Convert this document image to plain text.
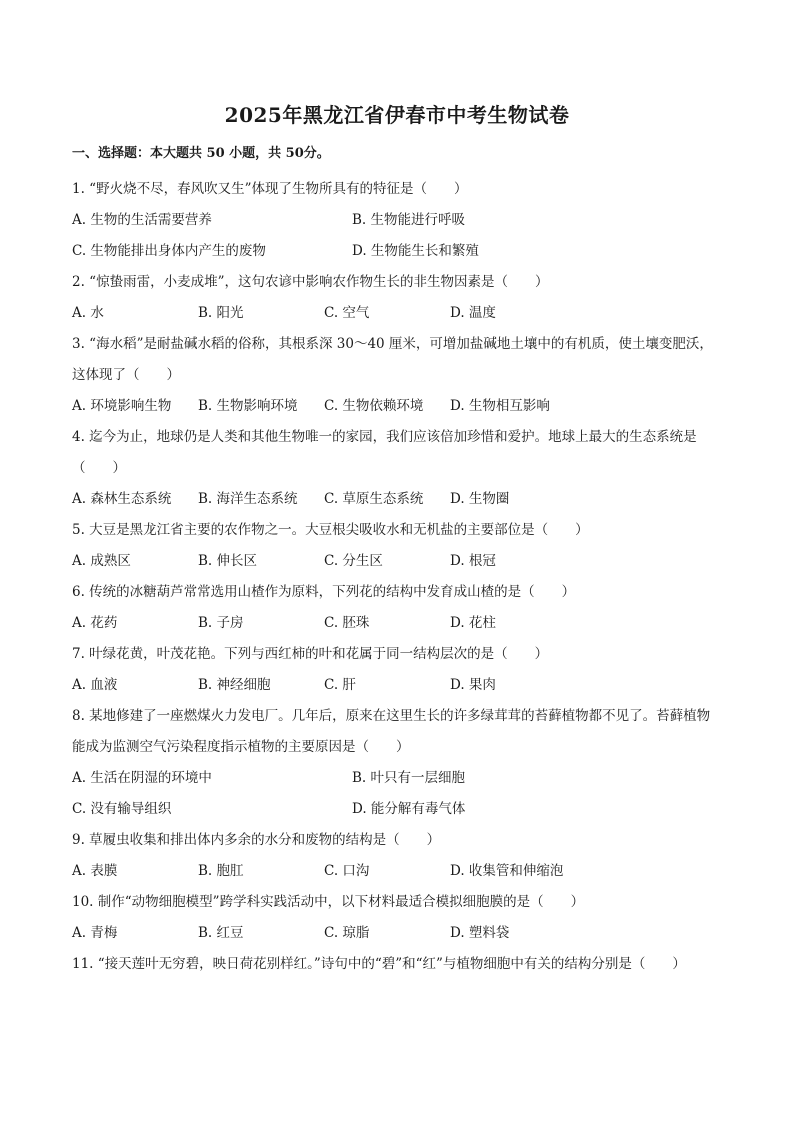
2025年黑龙江省伊春市中考生物试卷
一、选择题：本大题共 50 小题，共 50分。
1. “野火烧不尽，春风吹又生”体现了生物所具有的特征是（　　）
A. 生物的生活需要营养	B. 生物能进行呼吸
C. 生物能排出身体内产生的废物	D. 生物能生长和繁殖
2. “惊蛰雨雷，小麦成堆”，这句农谚中影响农作物生长的非生物因素是（　　）
A. 水	B. 阳光	C. 空气	D. 温度
3. “海水稻”是耐盐碱水稻的俗称，其根系深 30～40 厘米，可增加盐碱地土壤中的有机质，使土壤变肥沃，这体现了（　　）
A. 环境影响生物	B. 生物影响环境	C. 生物依赖环境	D. 生物相互影响
4. 迄今为止，地球仍是人类和其他生物唯一的家园，我们应该倍加珍惜和爱护。地球上最大的生态系统是（　　）
A. 森林生态系统	B. 海洋生态系统	C. 草原生态系统	D. 生物圈
5. 大豆是黑龙江省主要的农作物之一。大豆根尖吸收水和无机盐的主要部位是（　　）
A. 成熟区	B. 伸长区	C. 分生区	D. 根冠
6. 传统的冰糖葫芦常常选用山楂作为原料，下列花的结构中发育成山楂的是（　　）
A. 花药	B. 子房	C. 胚珠	D. 花柱
7. 叶绿花黄，叶茂花艳。下列与西红柿的叶和花属于同一结构层次的是（　　）
A. 血液	B. 神经细胞	C. 肝	D. 果肉
8. 某地修建了一座燃煤火力发电厂。几年后，原来在这里生长的许多绿茸茸的苔藓植物都不见了。苔藓植物能成为监测空气污染程度指示植物的主要原因是（　　）
A. 生活在阴湿的环境中	B. 叶只有一层细胞
C. 没有输导组织	D. 能分解有毒气体
9. 草履虫收集和排出体内多余的水分和废物的结构是（　　）
A. 表膜	B. 胞肛	C. 口沟	D. 收集管和伸缩泡
10. 制作“动物细胞模型”跨学科实践活动中，以下材料最适合模拟细胞膜的是（　　）
A. 青梅	B. 红豆	C. 琼脂	D. 塑料袋
11. “接天莲叶无穷碧，映日荷花别样红。”诗句中的“碧”和“红”与植物细胞中有关的结构分别是（　　）
